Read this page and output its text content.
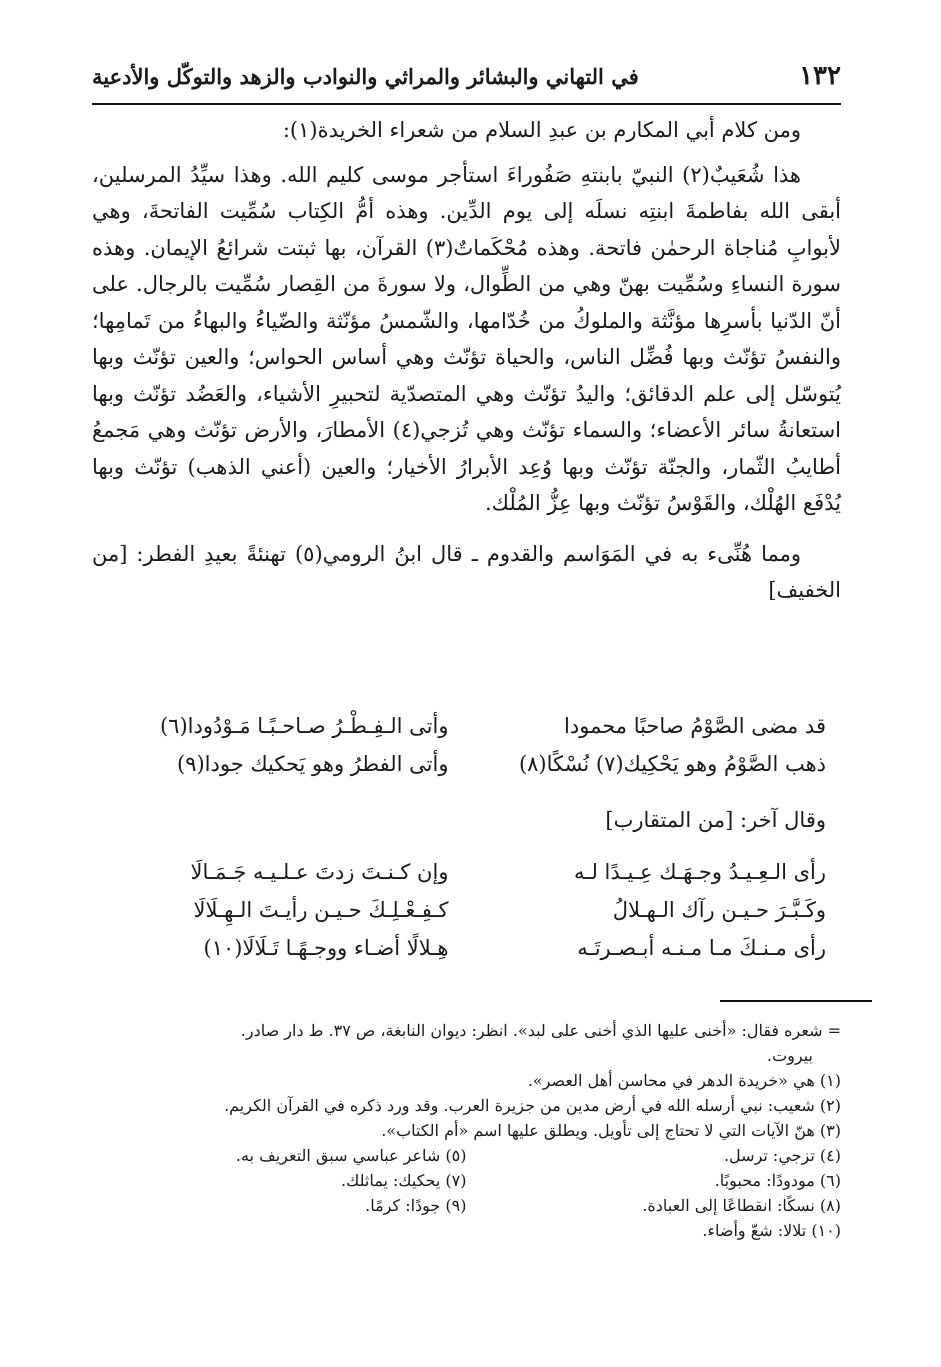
١٣٢
في التهاني والبشائر والمراثي والنوادب والزهد والتوكّل والأدعية

ومن كلام أبي المكارم بن عبدِ السلام من شعراء الخريدة(١):

هذا شُعَيبٌ(٢) النبيّ بابنتهِ صَفُوراءَ استأجر موسى كليم الله. وهذا سيِّدُ المرسلين، أبقى الله بفاطمةَ ابنتِه نسلَه إلى يوم الدِّين. وهذه أمُّ الكِتاب سُمِّيت الفاتحةَ، وهي لأبوابِ مُناجاة الرحمٰن فاتحة. وهذه مُحْكَماتٌ(٣) القرآن، بها ثبتت شرائعُ الإيمان. وهذه سورة النساءِ وسُمِّيت بهنّ وهي من الطِّوال، ولا سورةَ من القِصار سُمِّيت بالرجال. على أنّ الدّنيا بأسرِها مؤنَّثة والملوكُ من خُدّامها، والشّمسُ مؤنّثة والضّياءُ والبهاءُ من تَمامِها؛ والنفسُ تؤنّث وبها فُضِّل الناس، والحياة تؤنّث وهي أساس الحواس؛ والعين تؤنّث وبها يُتوسّل إلى علم الدقائق؛ واليدُ تؤنّث وهي المتصدّية لتحبيرِ الأشياء، والعَضُد تؤنّث وبها استعانةُ سائر الأعضاء؛ والسماء تؤنّث وهي تُزجي(٤) الأمطارَ، والأرض تؤنّث وهي مَجمعُ أطايبُ الثّمار، والجنّة تؤنّث وبها وُعِد الأبرارُ الأخيار؛ والعين (أعني الذهب) تؤنّث وبها يُدْفَع الهُلْك، والقَوْسُ تؤنّث وبها عِزُّ المُلْك.

ومما هُنِّىء به في المَوَاسم والقدوم ـ قال ابنُ الرومي(٥) تهنئةً بعيدِ الفطر: [من الخفيف]

قد مضى الصَّوْمُ صاحبًا محمودا
وأتى الـفِـطْـرُ صـاحـبًـا مَـوْدُودا(٦)
ذهب الصَّوْمُ وهو يَحْكِيك(٧) نُسْكًا(٨)
وأتى الفطرُ وهو يَحكيك جودا(٩)
وقال آخر: [من المتقارب]
رأى الـعِـيـدُ وجـهَـك عِـيـدًا لـه
وإن كـنـتَ زدتَ عـلـيـه جَـمَـالَا
وكَـبَّـرَ حـيـن رآك الـهـلالُ
كـفِـعْـلِـكَ حـيـن رأيـتَ الـهِـلَالَا
رأى مـنـكَ مـا مـنـه أبـصـرتَـه
هِـلالًا أضـاء ووجـهًـا تَـلَالَا(١٠)
= شعره فقال: «أخنى عليها الذي أخنى على لبد». انظر: ديوان النابغة، ص ٣٧. ط دار صادر.
بيروت.
(١) هي «خريدة الدهر في محاسن أهل العصر».
(٢) شعيب: نبي أرسله الله في أرض مدين من جزيرة العرب. وقد ورد ذكره في القرآن الكريم.
(٣) هنّ الآيات التي لا تحتاج إلى تأويل. ويطلق عليها اسم «أم الكتاب».
(٤) تزجي: ترسل.
(٥) شاعر عباسي سبق التعريف به.
(٦) مودودًا: محبوبًا.
(٧) يحكيك: يماثلك.
(٨) نسكًا: انقطاعًا إلى العبادة.
(٩) جودًا: كرمًا.
(١٠) تلالا: شعّ وأضاء.
